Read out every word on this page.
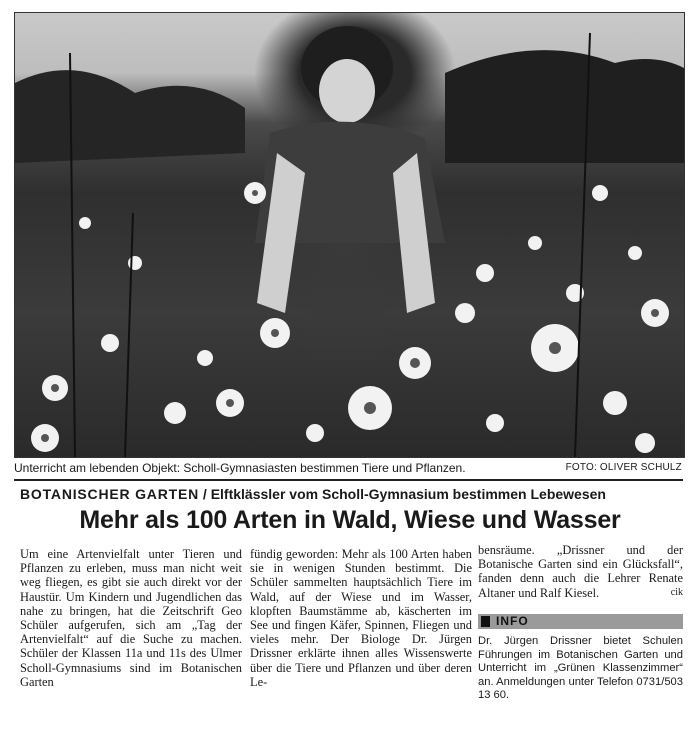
Unterricht am lebenden Objekt: Scholl-Gymnasiasten bestimmen Tiere und Pflanzen.	FOTO: OLIVER SCHULZ
BOTANISCHER GARTEN / Elftklässler vom Scholl-Gymnasium bestimmen Lebewesen
Mehr als 100 Arten in Wald, Wiese und Wasser
Um eine Artenvielfalt unter Tieren und Pflanzen zu erleben, muss man nicht weit weg fliegen, es gibt sie auch direkt vor der Haustür. Um Kindern und Jugendlichen das nahe zu bringen, hat die Zeitschrift Geo Schüler aufgerufen, sich am „Tag der Artenvielfalt“ auf die Suche zu machen. Schüler der Klassen 11a und 11s des Ulmer Scholl-Gymnasiums sind im Botanischen Garten
fündig geworden: Mehr als 100 Arten haben sie in wenigen Stunden bestimmt. Die Schüler sammelten hauptsächlich Tiere im Wald, auf der Wiese und im Wasser, klopften Baumstämme ab, käscherten im See und fingen Käfer, Spinnen, Fliegen und vieles mehr. Der Biologe Dr. Jürgen Drissner erklärte ihnen alles Wissenswerte über die Tiere und Pflanzen und über deren Le-

bensräume. „Drissner und der Botanische Garten sind ein Glücksfall“, fanden denn auch die Lehrer Renate Altaner und Ralf Kiesel.	cik

INFO
Dr. Jürgen Drissner bietet Schulen Führungen im Botanischen Garten und Unterricht im „Grünen Klassenzimmer“ an. Anmeldungen unter Telefon 0731/503 13 60.
